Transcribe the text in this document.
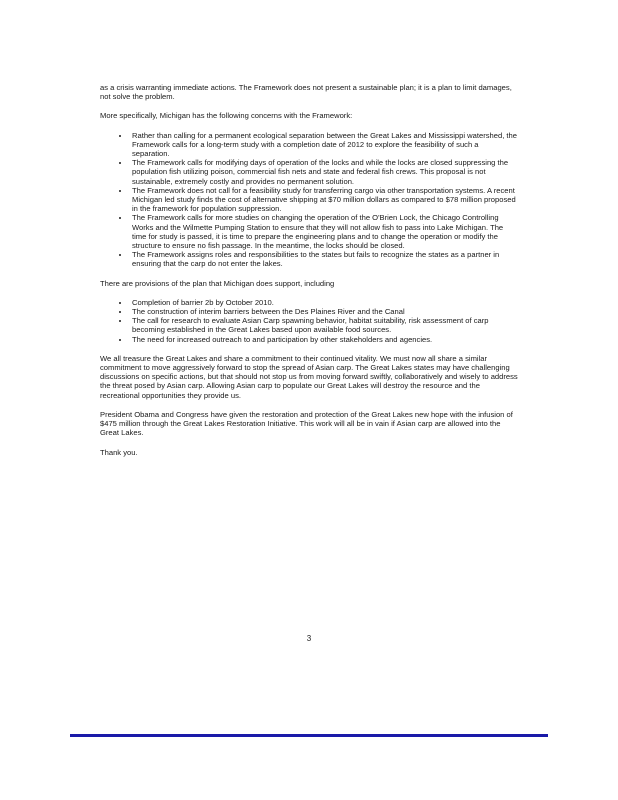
as a crisis warranting immediate actions. The Framework does not present a sustainable plan; it is a plan to limit damages, not solve the problem.

More specifically, Michigan has the following concerns with the Framework:

• Rather than calling for a permanent ecological separation between the Great Lakes and Mississippi watershed, the Framework calls for a long-term study with a completion date of 2012 to explore the feasibility of such a separation.
• The Framework calls for modifying days of operation of the locks and while the locks are closed suppressing the population fish utilizing poison, commercial fish nets and state and federal fish crews. This proposal is not sustainable, extremely costly and provides no permanent solution.
• The Framework does not call for a feasibility study for transferring cargo via other transportation systems. A recent Michigan led study finds the cost of alternative shipping at $70 million dollars as compared to $78 million proposed in the framework for population suppression.
• The Framework calls for more studies on changing the operation of the O'Brien Lock, the Chicago Controlling Works and the Wilmette Pumping Station to ensure that they will not allow fish to pass into Lake Michigan. The time for study is passed, it is time to prepare the engineering plans and to change the operation or modify the structure to ensure no fish passage. In the meantime, the locks should be closed.
• The Framework assigns roles and responsibilities to the states but fails to recognize the states as a partner in ensuring that the carp do not enter the lakes.

There are provisions of the plan that Michigan does support, including

• Completion of barrier 2b by October 2010.
• The construction of interim barriers between the Des Plaines River and the Canal
• The call for research to evaluate Asian Carp spawning behavior, habitat suitability, risk assessment of carp becoming established in the Great Lakes based upon available food sources.
• The need for increased outreach to and participation by other stakeholders and agencies.

We all treasure the Great Lakes and share a commitment to their continued vitality. We must now all share a similar commitment to move aggressively forward to stop the spread of Asian carp. The Great Lakes states may have challenging discussions on specific actions, but that should not stop us from moving forward swiftly, collaboratively and wisely to address the threat posed by Asian carp. Allowing Asian carp to populate our Great Lakes will destroy the resource and the recreational opportunities they provide us.

President Obama and Congress have given the restoration and protection of the Great Lakes new hope with the infusion of $475 million through the Great Lakes Restoration Initiative. This work will all be in vain if Asian carp are allowed into the Great Lakes.

Thank you.

3
